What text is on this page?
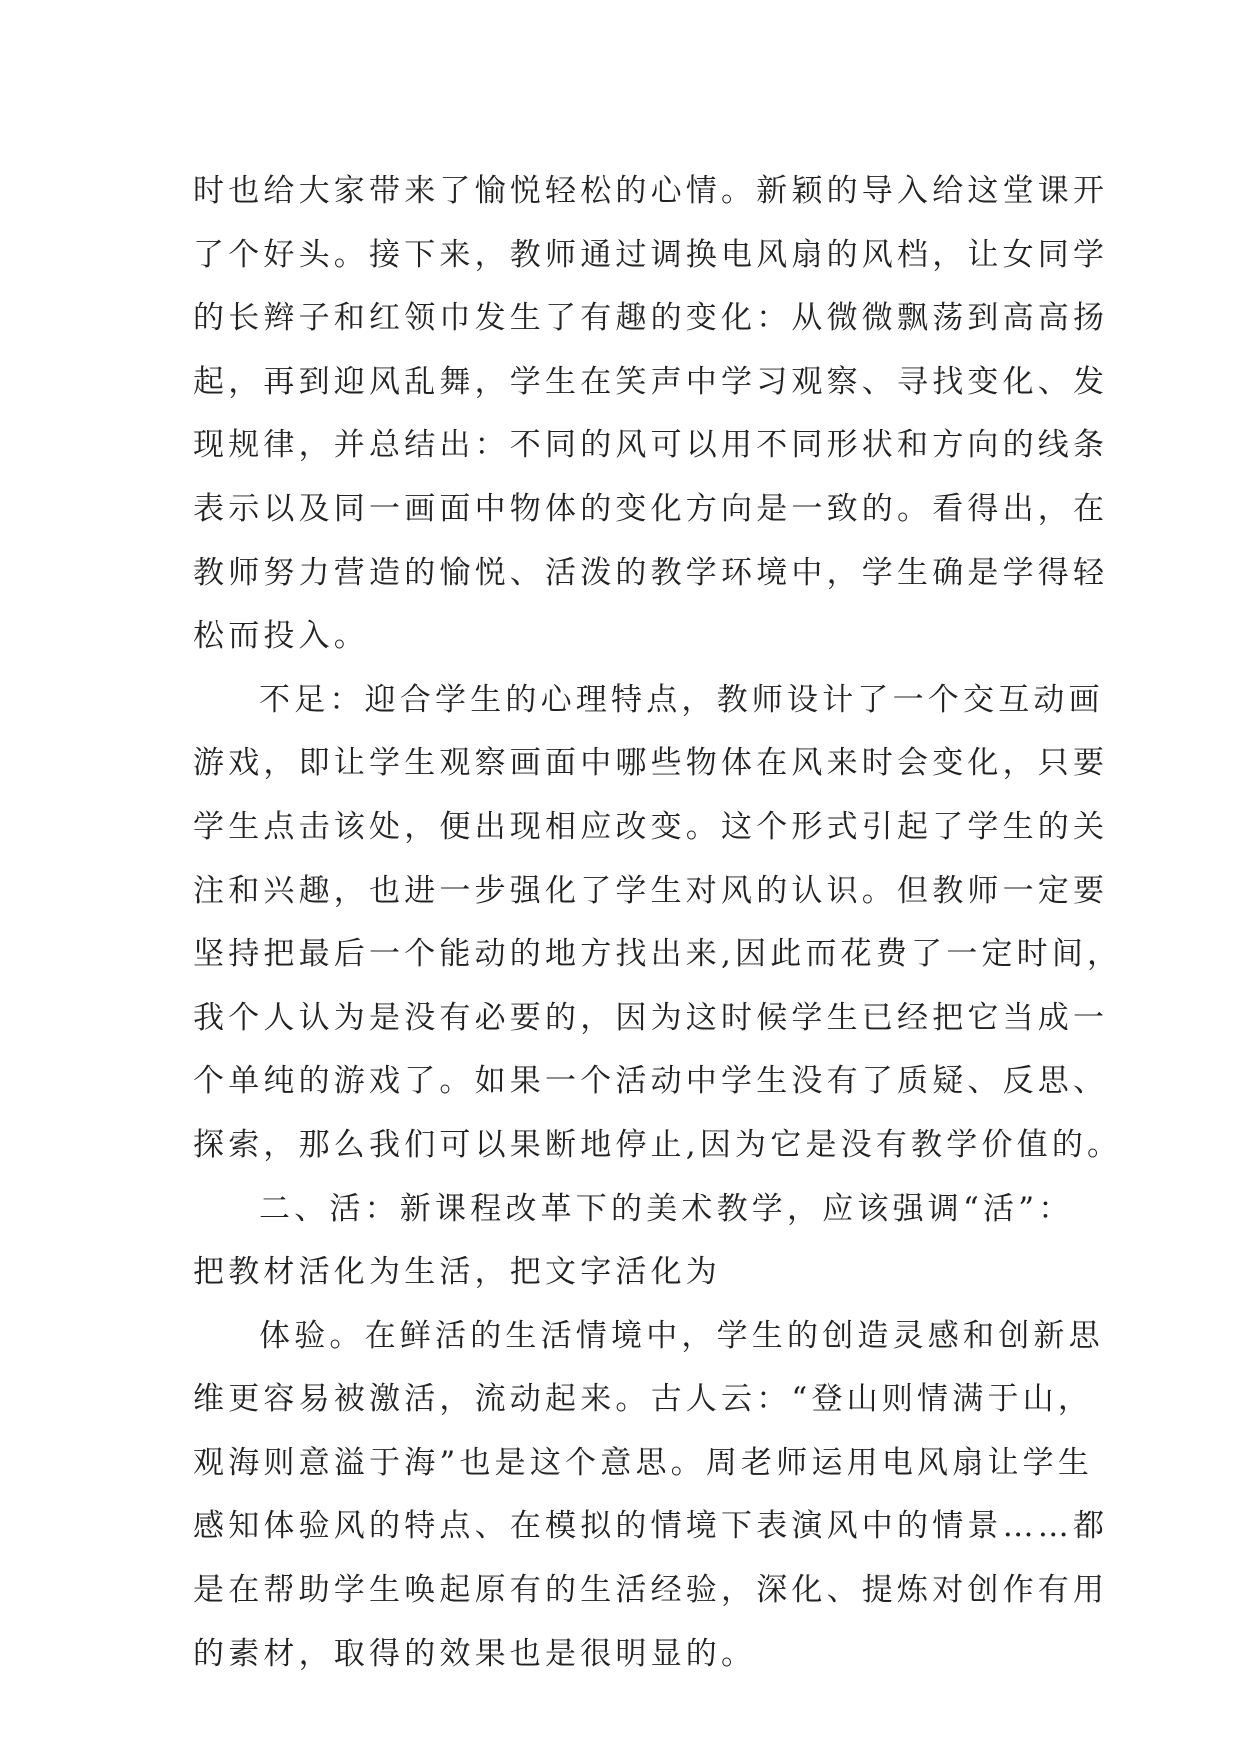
时也给大家带来了愉悦轻松的心情。新颖的导入给这堂课开
了个好头。接下来，教师通过调换电风扇的风档，让女同学
的长辫子和红领巾发生了有趣的变化：从微微飘荡到高高扬
起，再到迎风乱舞，学生在笑声中学习观察、寻找变化、发
现规律，并总结出：不同的风可以用不同形状和方向的线条
表示以及同一画面中物体的变化方向是一致的。看得出，在
教师努力营造的愉悦、活泼的教学环境中，学生确是学得轻
松而投入。
不足：迎合学生的心理特点，教师设计了一个交互动画
游戏，即让学生观察画面中哪些物体在风来时会变化，只要
学生点击该处，便出现相应改变。这个形式引起了学生的关
注和兴趣，也进一步强化了学生对风的认识。但教师一定要
坚持把最后一个能动的地方找出来,因此而花费了一定时间，
我个人认为是没有必要的，因为这时候学生已经把它当成一
个单纯的游戏了。如果一个活动中学生没有了质疑、反思、
探索，那么我们可以果断地停止,因为它是没有教学价值的。
二、活：新课程改革下的美术教学，应该强调“活”：
把教材活化为生活，把文字活化为
体验。在鲜活的生活情境中，学生的创造灵感和创新思
维更容易被激活，流动起来。古人云：“登山则情满于山，
观海则意溢于海”也是这个意思。周老师运用电风扇让学生
感知体验风的特点、在模拟的情境下表演风中的情景……都
是在帮助学生唤起原有的生活经验，深化、提炼对创作有用
的素材，取得的效果也是很明显的。
